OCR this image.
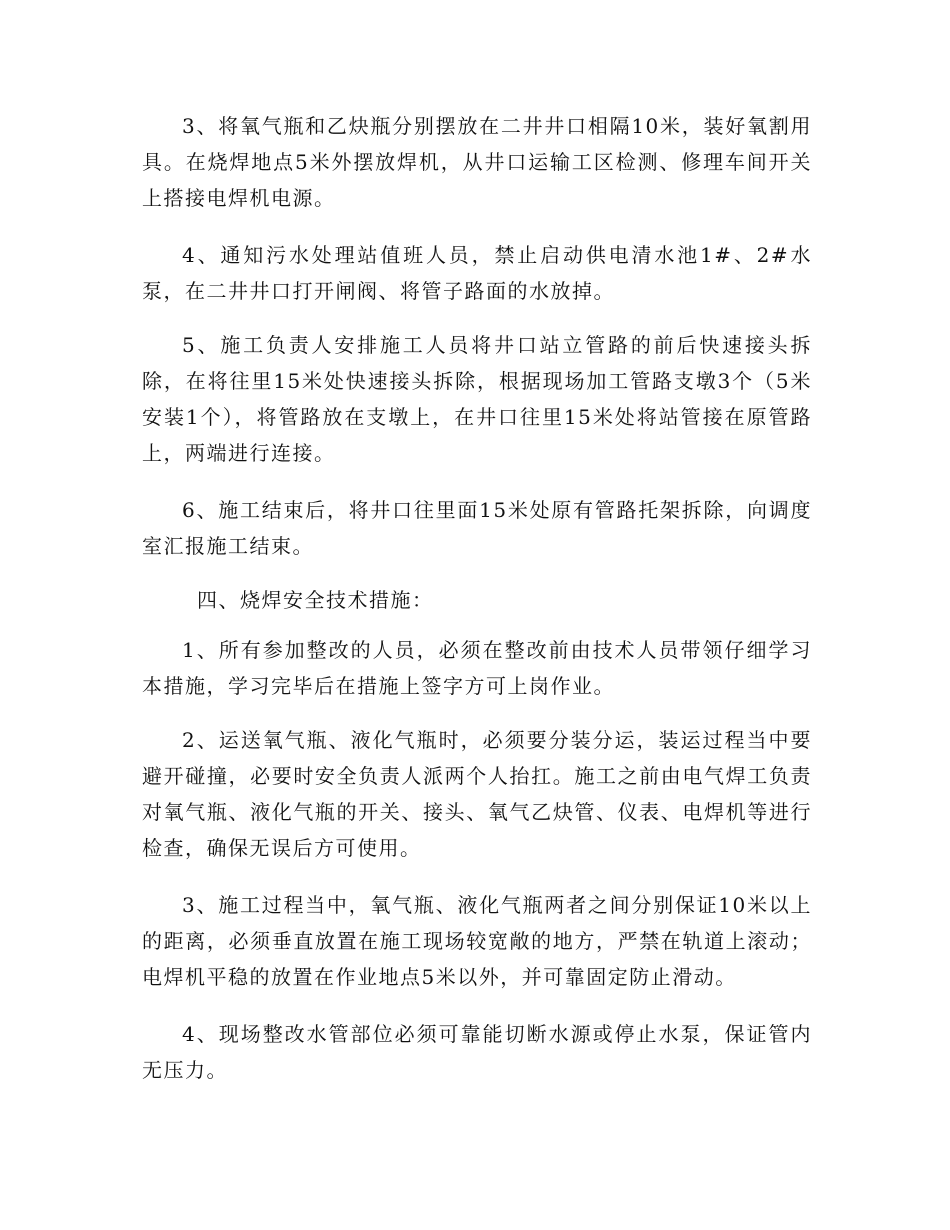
3、将氧气瓶和乙炔瓶分别摆放在二井井口相隔10米，装好氧割用具。在烧焊地点5米外摆放焊机，从井口运输工区检测、修理车间开关上搭接电焊机电源。

4、通知污水处理站值班人员，禁止启动供电清水池1#、2#水泵，在二井井口打开闸阀、将管子路面的水放掉。

5、施工负责人安排施工人员将井口站立管路的前后快速接头拆除，在将往里15米处快速接头拆除，根据现场加工管路支墩3个（5米安装1个），将管路放在支墩上，在井口往里15米处将站管接在原管路上，两端进行连接。

6、施工结束后，将井口往里面15米处原有管路托架拆除，向调度室汇报施工结束。

四、烧焊安全技术措施：

1、所有参加整改的人员，必须在整改前由技术人员带领仔细学习本措施，学习完毕后在措施上签字方可上岗作业。

2、运送氧气瓶、液化气瓶时，必须要分装分运，装运过程当中要避开碰撞，必要时安全负责人派两个人抬扛。施工之前由电气焊工负责对氧气瓶、液化气瓶的开关、接头、氧气乙炔管、仪表、电焊机等进行检查，确保无误后方可使用。

3、施工过程当中，氧气瓶、液化气瓶两者之间分别保证10米以上的距离，必须垂直放置在施工现场较宽敞的地方，严禁在轨道上滚动；电焊机平稳的放置在作业地点5米以外，并可靠固定防止滑动。

4、现场整改水管部位必须可靠能切断水源或停止水泵，保证管内无压力。
